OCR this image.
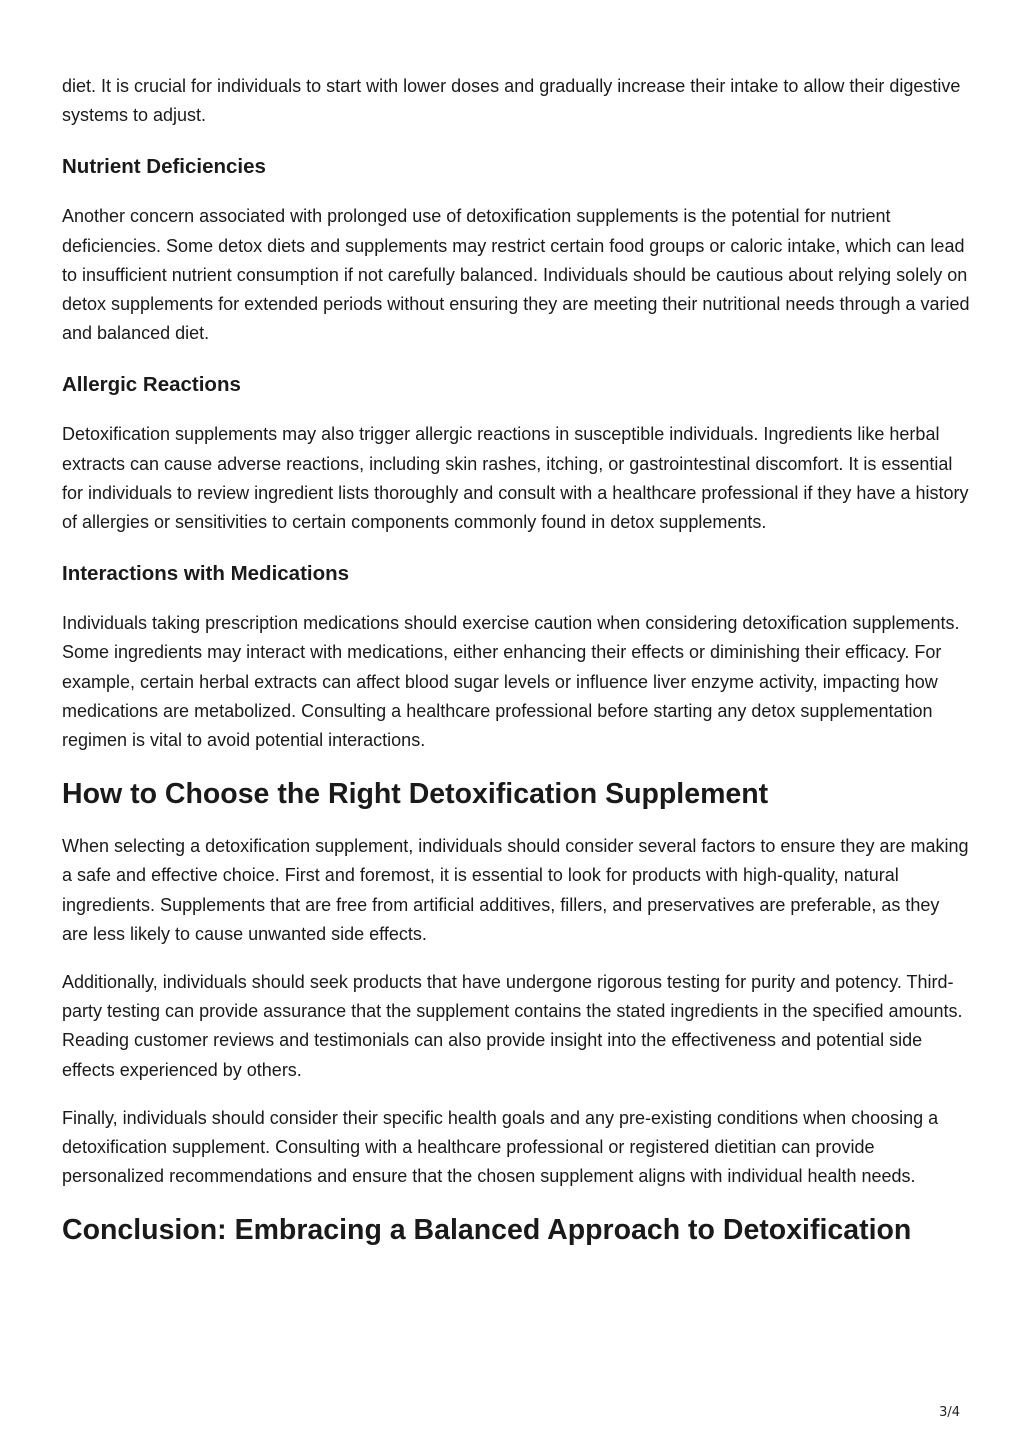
diet. It is crucial for individuals to start with lower doses and gradually increase their intake to allow their digestive systems to adjust.

Nutrient Deficiencies

Another concern associated with prolonged use of detoxification supplements is the potential for nutrient deficiencies. Some detox diets and supplements may restrict certain food groups or caloric intake, which can lead to insufficient nutrient consumption if not carefully balanced. Individuals should be cautious about relying solely on detox supplements for extended periods without ensuring they are meeting their nutritional needs through a varied and balanced diet.

Allergic Reactions

Detoxification supplements may also trigger allergic reactions in susceptible individuals. Ingredients like herbal extracts can cause adverse reactions, including skin rashes, itching, or gastrointestinal discomfort. It is essential for individuals to review ingredient lists thoroughly and consult with a healthcare professional if they have a history of allergies or sensitivities to certain components commonly found in detox supplements.

Interactions with Medications

Individuals taking prescription medications should exercise caution when considering detoxification supplements. Some ingredients may interact with medications, either enhancing their effects or diminishing their efficacy. For example, certain herbal extracts can affect blood sugar levels or influence liver enzyme activity, impacting how medications are metabolized. Consulting a healthcare professional before starting any detox supplementation regimen is vital to avoid potential interactions.

How to Choose the Right Detoxification Supplement

When selecting a detoxification supplement, individuals should consider several factors to ensure they are making a safe and effective choice. First and foremost, it is essential to look for products with high-quality, natural ingredients. Supplements that are free from artificial additives, fillers, and preservatives are preferable, as they are less likely to cause unwanted side effects.

Additionally, individuals should seek products that have undergone rigorous testing for purity and potency. Third-party testing can provide assurance that the supplement contains the stated ingredients in the specified amounts. Reading customer reviews and testimonials can also provide insight into the effectiveness and potential side effects experienced by others.

Finally, individuals should consider their specific health goals and any pre-existing conditions when choosing a detoxification supplement. Consulting with a healthcare professional or registered dietitian can provide personalized recommendations and ensure that the chosen supplement aligns with individual health needs.

Conclusion: Embracing a Balanced Approach to Detoxification
3/4
